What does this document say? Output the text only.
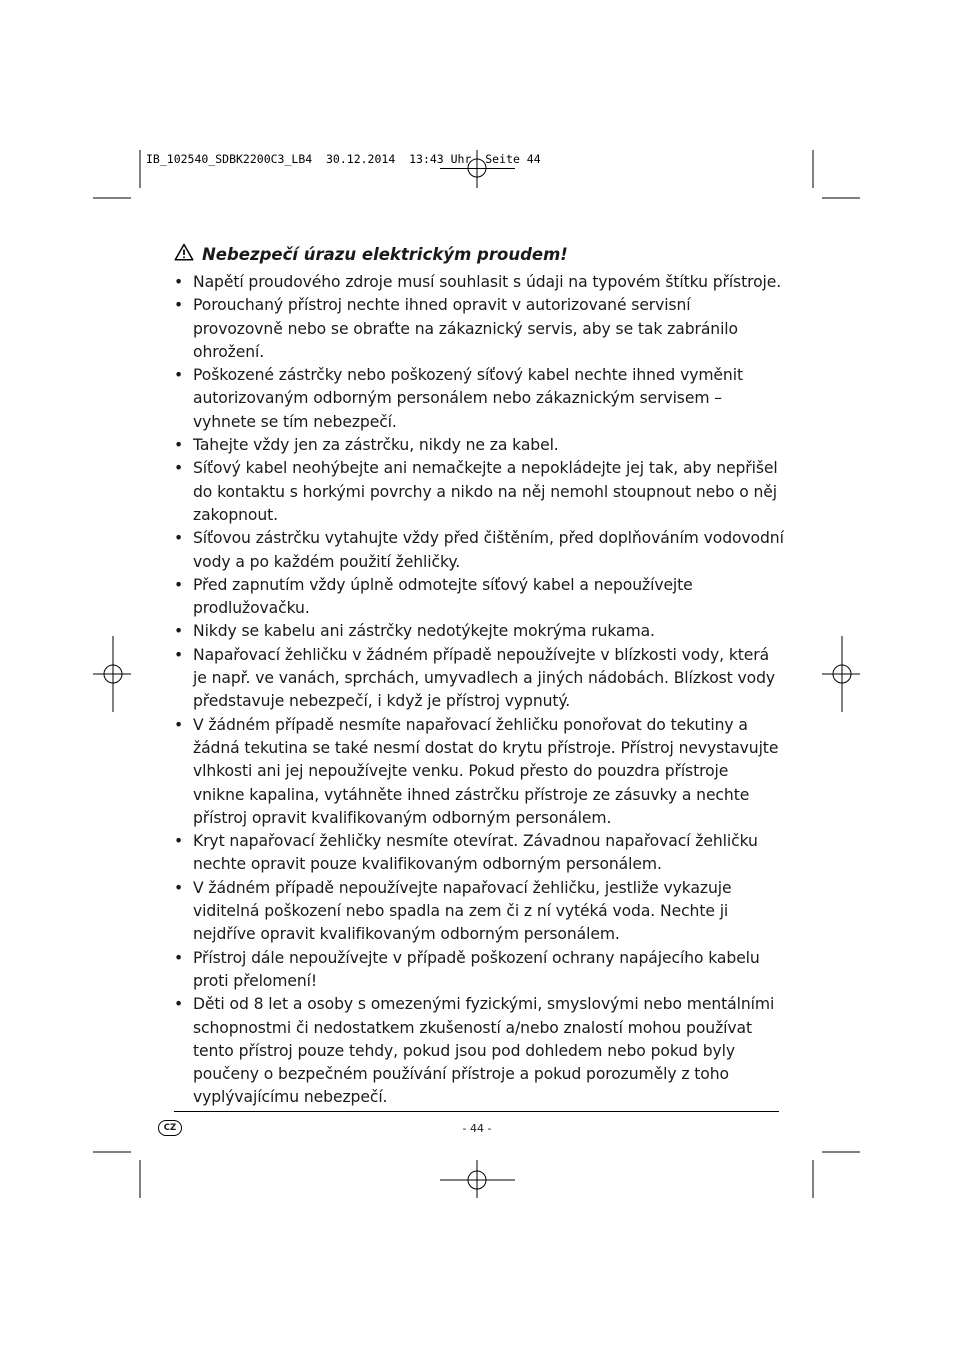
IB_102540_SDBK2200C3_LB4  30.12.2014  13:43 Uhr  Seite 44
Nebezpečí úrazu elektrickým proudem!
• Napětí proudového zdroje musí souhlasit s údaji na typovém štítku přístroje.
• Porouchaný přístroj nechte ihned opravit v autorizované servisní provozovně nebo se obraťte na zákaznický servis, aby se tak zabránilo ohrožení.
• Poškozené zástrčky nebo poškozený síťový kabel nechte ihned vyměnit autorizovaným odborným personálem nebo zákaznickým servisem – vyhnete se tím nebezpečí.
• Tahejte vždy jen za zástrčku, nikdy ne za kabel.
• Síťový kabel neohýbejte ani nemačkejte a nepokládejte jej tak, aby nepřišel do kontaktu s horkými povrchy a nikdo na něj nemohl stoupnout nebo o něj zakopnout.
• Síťovou zástrčku vytahujte vždy před čištěním, před doplňováním vodovodní vody a po každém použití žehličky.
• Před zapnutím vždy úplně odmotejte síťový kabel a nepoužívejte prodlužovačku.
• Nikdy se kabelu ani zástrčky nedotýkejte mokrýma rukama.
• Napařovací žehličku v žádném případě nepoužívejte v blízkosti vody, která je např. ve vanách, sprchách, umyvadlech a jiných nádobách. Blízkost vody představuje nebezpečí, i když je přístroj vypnutý.
• V žádném případě nesmíte napařovací žehličku ponořovat do tekutiny a žádná tekutina se také nesmí dostat do krytu přístroje. Přístroj nevystavujte vlhkosti ani jej nepoužívejte venku. Pokud přesto do pouzdra přístroje vnikne kapalina, vytáhněte ihned zástrčku přístroje ze zásuvky a nechte přístroj opravit kvalifikovaným odborným personálem.
• Kryt napařovací žehličky nesmíte otevírat. Závadnou napařovací žehličku nechte opravit pouze kvalifikovaným odborným personálem.
• V žádném případě nepoužívejte napařovací žehličku, jestliže vykazuje viditelná poškození nebo spadla na zem či z ní vytéká voda. Nechte ji nejdříve opravit kvalifikovaným odborným personálem.
• Přístroj dále nepoužívejte v případě poškození ochrany napájecího kabelu proti přelomení!
• Děti od 8 let a osoby s omezenými fyzickými, smyslovými nebo mentálními schopnostmi či nedostatkem zkušeností a/nebo znalostí mohou používat tento přístroj pouze tehdy, pokud jsou pod dohledem nebo pokud byly poučeny o bezpečném používání přístroje a pokud porozuměly z toho vyplývajícímu nebezpečí.
CZ	- 44 -
